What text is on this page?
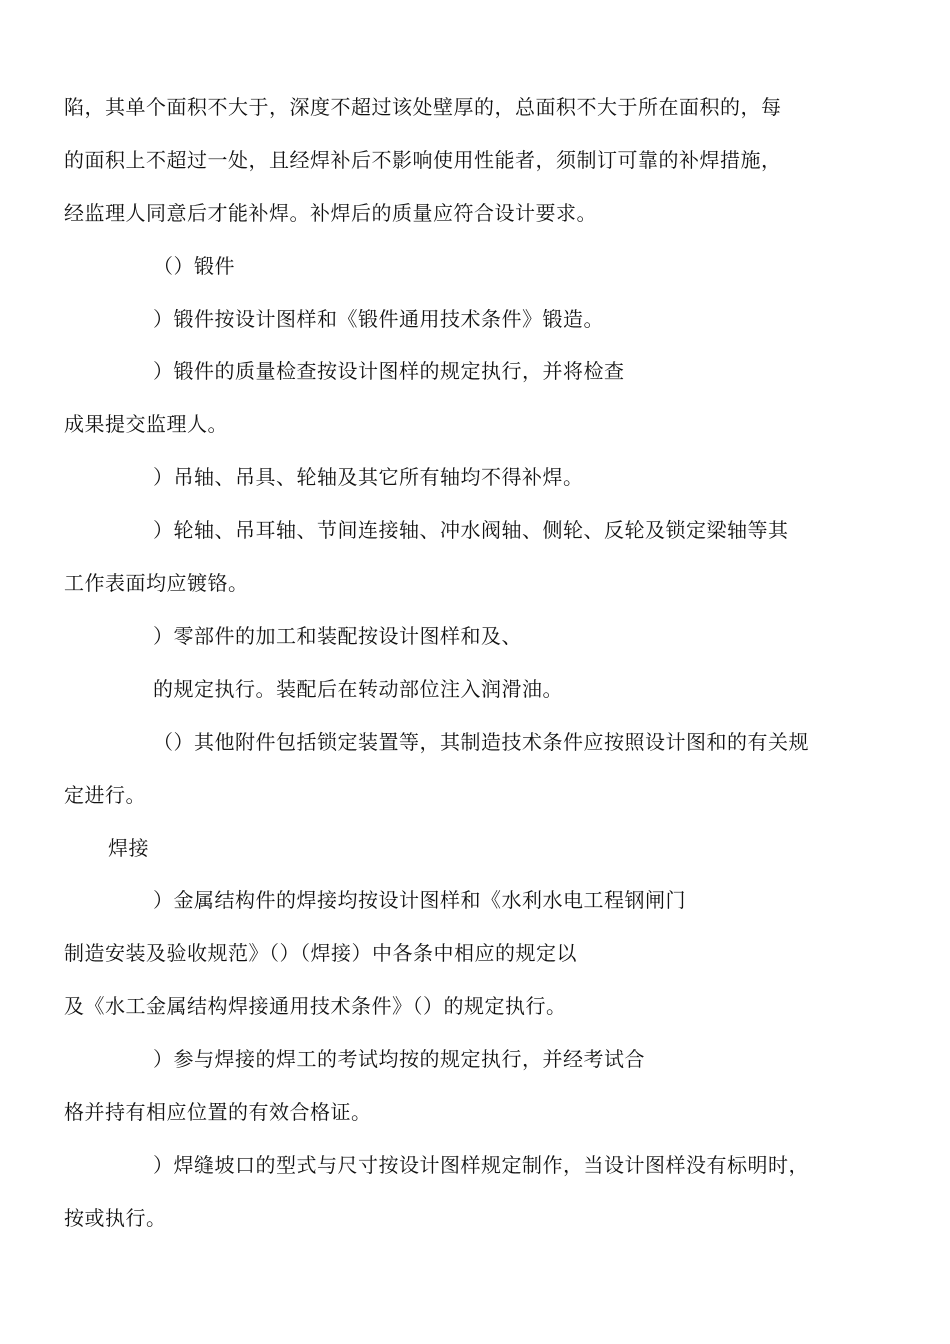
陷，其单个面积不大于，深度不超过该处壁厚的，总面积不大于所在面积的，每
的面积上不超过一处，且经焊补后不影响使用性能者，须制订可靠的补焊措施，
经监理人同意后才能补焊。补焊后的质量应符合设计要求。
（）锻件
）锻件按设计图样和《锻件通用技术条件》锻造。
）锻件的质量检查按设计图样的规定执行，并将检查
成果提交监理人。
）吊轴、吊具、轮轴及其它所有轴均不得补焊。
）轮轴、吊耳轴、节间连接轴、冲水阀轴、侧轮、反轮及锁定梁轴等其
工作表面均应镀铬。
）零部件的加工和装配按设计图样和及、
的规定执行。装配后在转动部位注入润滑油。
（）其他附件包括锁定装置等，其制造技术条件应按照设计图和的有关规
定进行。
焊接
）金属结构件的焊接均按设计图样和《水利水电工程钢闸门
制造安装及验收规范》（）（焊接）中各条中相应的规定以
及《水工金属结构焊接通用技术条件》（）的规定执行。
）参与焊接的焊工的考试均按的规定执行，并经考试合
格并持有相应位置的有效合格证。
）焊缝坡口的型式与尺寸按设计图样规定制作，当设计图样没有标明时，
按或执行。
